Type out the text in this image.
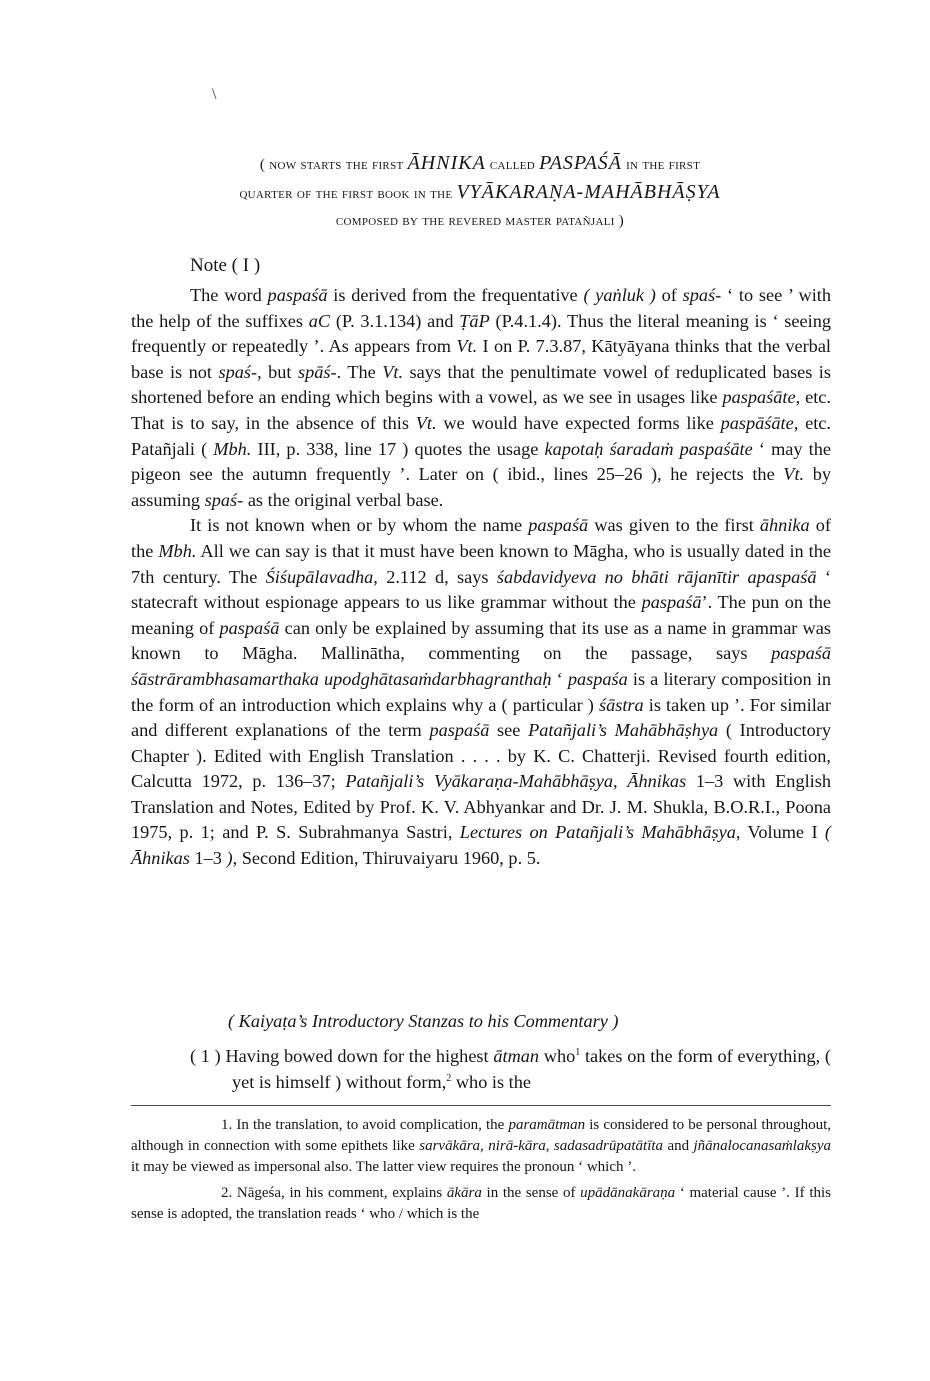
\
( now starts the first ĀHNIKA called PASPAŚĀ in the first
quarter of the first book in the VYĀKARAṆA-MAHĀBHĀṢYA
composed by the revered master patañjali )
Note ( I )

The word paspaśā is derived from the frequentative ( yaṅluk ) of spaś- ‘ to see ’ with the help of the suffixes aC (P. 3.1.134) and ṬāP (P.4.1.4). Thus the literal meaning is ‘ seeing frequently or repeatedly ’. As appears from Vt. I on P. 7.3.87, Kātyāyana thinks that the verbal base is not spaś-, but spāś-. The Vt. says that the penultimate vowel of reduplicated bases is shortened before an ending which begins with a vowel, as we see in usages like paspaśāte, etc. That is to say, in the absence of this Vt. we would have expected forms like paspāśāte, etc. Patañjali ( Mbh. III, p. 338, line 17 ) quotes the usage kapotaḥ śaradaṁ paspaśāte ‘ may the pigeon see the autumn frequently ’. Later on ( ibid., lines 25–26 ), he rejects the Vt. by assuming spaś- as the original verbal base.

It is not known when or by whom the name paspaśā was given to the first āhnika of the Mbh. All we can say is that it must have been known to Māgha, who is usually dated in the 7th century. The Śiśupālavadha, 2.112 d, says śabdavidyeva no bhāti rājanītir apaspaśā ‘ statecraft without espionage appears to us like grammar without the paspaśā’. The pun on the meaning of paspaśā can only be explained by assuming that its use as a name in grammar was known to Māgha. Mallinātha, commenting on the passage, says paspaśā śāstrārambhasamarthaka upodghātasaṁdarbhagranthaḥ ‘ paspaśa is a literary composition in the form of an introduction which explains why a ( particular ) śāstra is taken up ’. For similar and different explanations of the term paspaśā see Patañjali’s Mahābhāṣhya ( Introductory Chapter ). Edited with English Translation . . . . by K. C. Chatterji. Revised fourth edition, Calcutta 1972, p. 136–37; Patañjali’s Vyākaraṇa-Mahābhāṣya, Āhnikas 1–3 with English Translation and Notes, Edited by Prof. K. V. Abhyankar and Dr. J. M. Shukla, B.O.R.I., Poona 1975, p. 1; and P. S. Subrahmanya Sastri, Lectures on Patañjali’s Mahābhāṣya, Volume I ( Āhnikas 1–3 ), Second Edition, Thiruvaiyaru 1960, p. 5.

( Kaiyaṭa’s Introductory Stanzas to his Commentary )
( 1 ) Having bowed down for the highest ātman who$^1$ takes on the form of everything, ( yet is himself ) without form,$^2$ who is the

1. In the translation, to avoid complication, the paramātman is considered to be personal throughout, although in connection with some epithets like sarvākāra, nirā-kāra, sadasadrūpatātīta and jñānalocanasaṁlakṣya it may be viewed as impersonal also. The latter view requires the pronoun ‘ which ’.

2. Nāgeśa, in his comment, explains ākāra in the sense of upādānakāraṇa ‘ material cause ’. If this sense is adopted, the translation reads ‘ who / which is the
